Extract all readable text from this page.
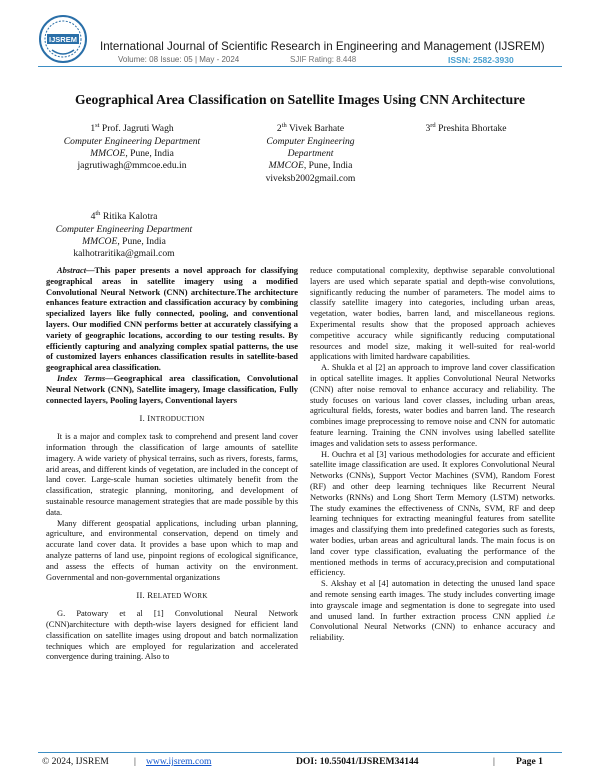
IJSREM
International Journal of Scientific Research in Engineering and Management (IJSREM)
Volume: 08 Issue: 05 | May - 2024	SJIF Rating: 8.448	ISSN: 2582-3930
Geographical Area Classification on Satellite Images Using CNN Architecture
1st Prof. Jagruti Wagh
Computer Engineering Department
MMCOE, Pune, India
jagrutiwagh@mmcoe.edu.in
2th Vivek Barhate
Computer Engineering Department
MMCOE, Pune, India
viveksb2002gmail.com
3rd Preshita Bhortake
4th Ritika Kalotra
Computer Engineering Department
MMCOE, Pune, India
kalhotraritika@gmail.com

Abstract—This paper presents a novel approach for classifying geographical areas in satellite imagery using a modified Convolutional Neural Network (CNN) architecture.The architecture enhances feature extraction and classification accuracy by combining specialized layers like fully connected, pooling, and conventional layers. Our modified CNN performs better at accurately classifying a variety of geographic locations, according to our testing results. By efficiently capturing and analyzing complex spatial patterns, the use of customized layers enhances classification results in satellite-based geographical area classification.

Index Terms—Geographical area classification, Convolutional Neural Network (CNN), Satellite imagery, Image classification, Fully connected layers, Pooling layers, Conventional layers

I. INTRODUCTION

It is a major and complex task to comprehend and present land cover information through the classification of large amounts of satellite imagery. A wide variety of physical terrains, such as rivers, forests, farms, arid areas, and different kinds of vegetation, are included in the concept of land cover. Large-scale human societies ultimately benefit from the classification, strategic planning, monitoring, and development of sustainable resource management strategies that are made possible by this data.

Many different geospatial applications, including urban planning, agriculture, and environmental conservation, depend on timely and accurate land cover data. It provides a base upon which to map and analyze patterns of land use, pinpoint regions of ecological significance, and assess the effects of human activity on the environment. Governmental and non-governmental organizations

II. RELATED WORK

G. Patowary et al [1] Convolutional Neural Network (CNN)architecture with depth-wise layers designed for efficient land classification on satellite images using dropout and batch normalization techniques which are employed for regularization and accelerated convergence during training. Also to

reduce computational complexity, depthwise separable convolutional layers are used which separate spatial and depth-wise convolutions, significantly reducing the number of parameters. The model aims to classify satellite imagery into categories, including urban areas, vegetation, water bodies, barren land, and miscellaneous regions. Experimental results show that the proposed approach achieves competitive accuracy while significantly reducing computational resources and model size, making it well-suited for real-world applications with limited hardware capabilities.

A. Shukla et al [2] an approach to improve land cover classification in optical satellite images. It applies Convolutional Neural Networks (CNN) after noise removal to enhance accuracy and reliability. The study focuses on various land cover classes, including urban areas, agricultural fields, forests, water bodies and barren land. The research combines image preprocessing to remove noise and CNN for automatic feature learning. Training the CNN involves using labelled satellite images and validation sets to assess performance.

H. Ouchra et al [3] various methodologies for accurate and efficient satellite image classification are used. It explores Convolutional Neural Networks (CNNs), Support Vector Machines (SVM), Random Forest (RF) and other deep learning techniques like Recurrent Neural Networks (RNNs) and Long Short Term Memory (LSTM) networks. The study examines the effectiveness of CNNs, SVM, RF and deep learning techniques for extracting meaningful features from satellite images and classifying them into predefined categories such as forests, water bodies, urban areas and agricultural lands. The main focus is on land cover type classification, evaluating the performance of the mentioned methods in terms of accuracy,precision and computational efficiency.

S. Akshay et al [4] automation in detecting the unused land space and remote sensing earth images. The study includes converting image into grayscale image and segmentation is done to segregate into used and unused land. In further extraction process CNN applied i.e Convolutional Neural Networks (CNN) to enhance accuracy and reliability.

© 2024, IJSREM	| www.ijsrem.com	DOI: 10.55041/IJSREM34144	| Page 1
